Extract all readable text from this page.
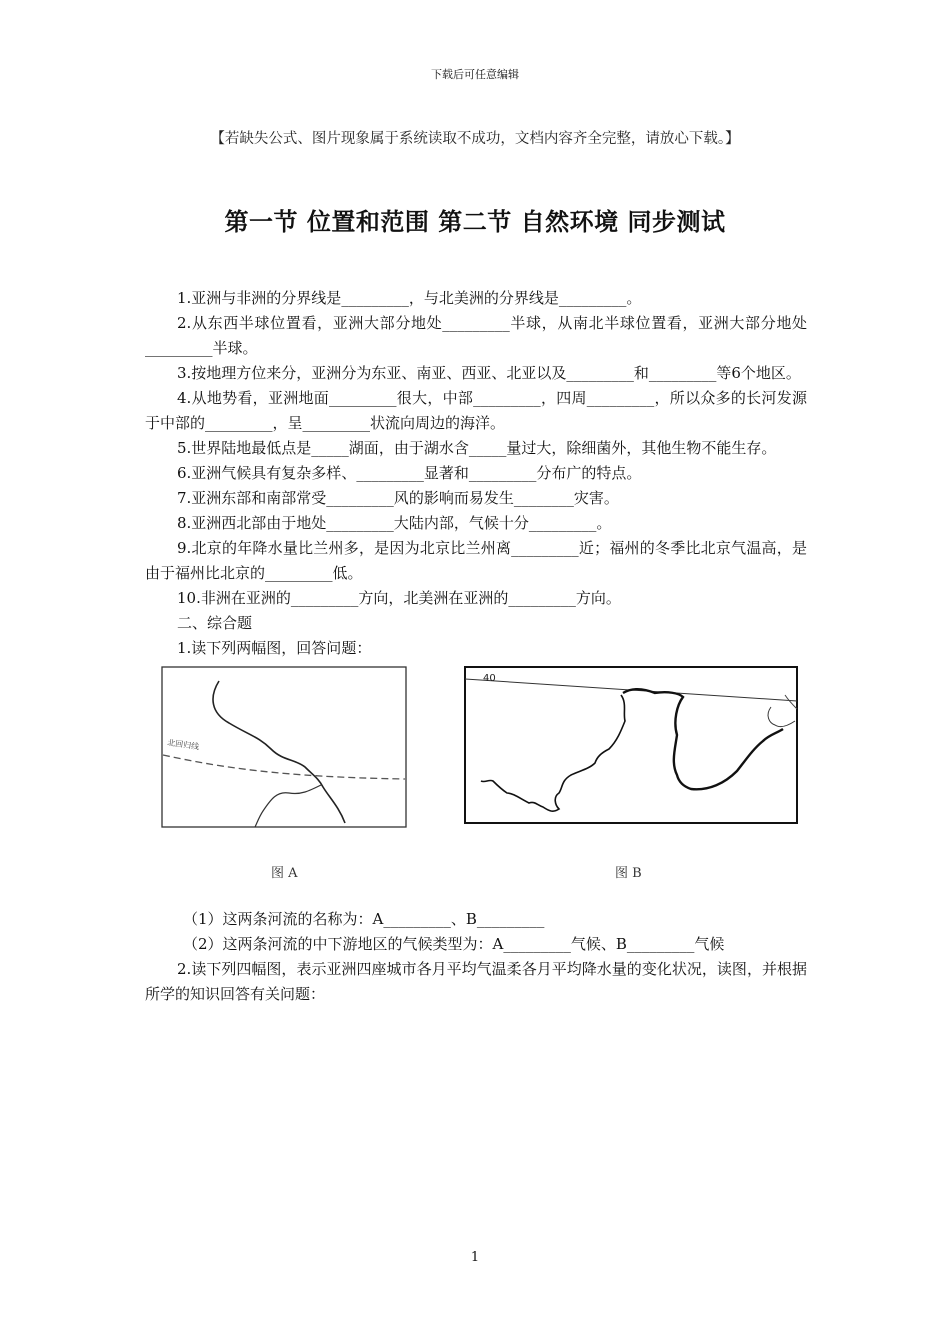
下载后可任意编辑
【若缺失公式、图片现象属于系统读取不成功，文档内容齐全完整，请放心下载。】
第一节 位置和范围 第二节 自然环境 同步测试

1.亚洲与非洲的分界线是_________，与北美洲的分界线是_________。

2.从东西半球位置看，亚洲大部分地处_________半球，从南北半球位置看，亚洲大部分地处_________半球。

3.按地理方位来分，亚洲分为东亚、南亚、西亚、北亚以及_________和_________等6个地区。

4.从地势看，亚洲地面_________很大，中部_________，四周_________，所以众多的长河发源于中部的_________，呈_________状流向周边的海洋。

5.世界陆地最低点是_____湖面，由于湖水含_____量过大，除细菌外，其他生物不能生存。

6.亚洲气候具有复杂多样、_________显著和_________分布广的特点。

7.亚洲东部和南部常受_________风的影响而易发生________灾害。

8.亚洲西北部由于地处_________大陆内部，气候十分_________。

9.北京的年降水量比兰州多，是因为北京比兰州离_________近；福州的冬季比北京气温高，是由于福州比北京的_________低。

10.非洲在亚洲的_________方向，北美洲在亚洲的_________方向。

二、综合题

1.读下列两幅图，回答问题：

北回归线
40
图 A	图 B

（1）这两条河流的名称为：A_________、B_________

（2）这两条河流的中下游地区的气候类型为：A_________气候、B_________气候

2.读下列四幅图，表示亚洲四座城市各月平均气温柔各月平均降水量的变化状况，读图，并根据所学的知识回答有关问题：

1
